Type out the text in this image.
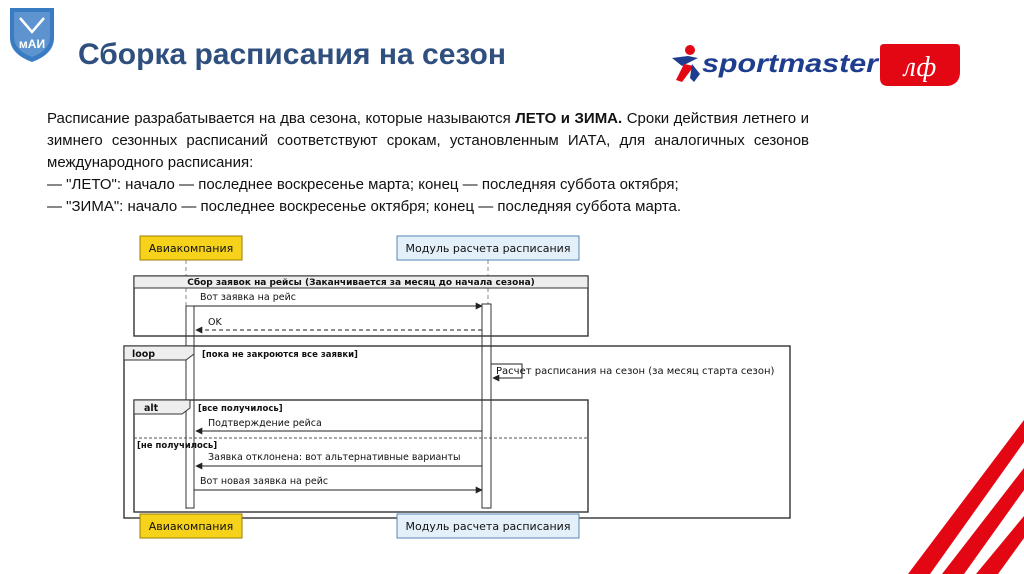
мАИ Сборка расписания на сезон	sportmaster лф

Расписание разрабатывается на два сезона, которые называются ЛЕТО и ЗИМА. Сроки действия летнего и зимнего сезонных расписаний соответствуют срокам, установленным ИАТА, для аналогичных сезонов международного расписания:

— "ЛЕТО": начало — последнее воскресенье марта; конец — последняя суббота октября;

— "ЗИМА": начало — последнее воскресенье октября; конец — последняя суббота марта.

Авиакомпания	Модуль расчета расписания
Сбор заявок на рейсы (Заканчивается за месяц до начала сезона)
Вот заявка на рейс
OK
loop	[пока не закроются все заявки]
Расчет расписания на сезон (за месяц старта сезон)
alt	[все получилось]
[не получилось]
Подтверждение рейса
Заявка отклонена: вот альтернативные варианты
Вот новая заявка на рейс
Авиакомпания	Модуль расчета расписания
